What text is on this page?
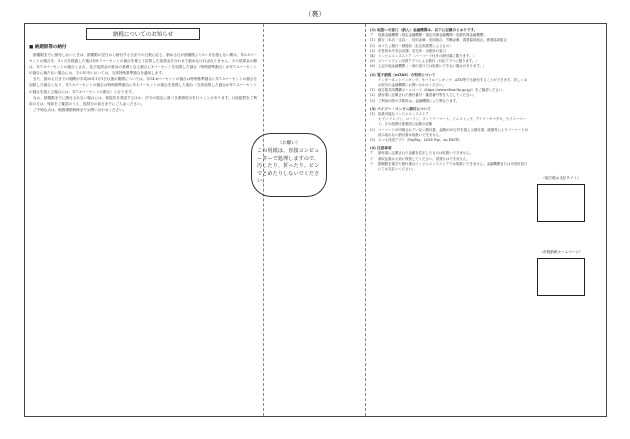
（裏）
納税についてのお知らせ
■ 納期限等の納付

納期限までに納付しないときは、納期限の翌日から納付する日までの日数に応じ、納める日が納期限より3ヶ月を超えない間は、年2.5パーセントの割合を、3ヶ月を経過した後は年8.7パーセントの割合を乗じて計算した延滞金を合わせて納めなければなりません。その延滞金の額は、年7.3パーセントの割合とされ、及び延滞金の算出の基礎となる割合に1パーセントを加算した割合（特例基準割合）が年7.3パーセントの割合に満たない場合には、その年中においては、当該特例基準割合を適用します。

また、納める日までの期間が平成26年1月1日以後の期間については、年14.6パーセントの割合は特例基準割合に年7.3パーセントの割合を加算した割合となり、年7.3パーセントの割合は特例基準割合に年1パーセントの割合を加算した割合（当該加算した割合が年7.3パーセントの割合を超える場合には、年7.3パーセントの割合）となります。

なお、納期限までに納付されない場合には、督促状を発送するほか、法令の規定に基づき滞納処分を行うことがあります。口座振替をご利用の方は、残高をご確認のうえ、振替日の前日までにご入金ください。

ご不明な点は、税務課納税係までお問い合わせください。

(1) 取扱いの窓口（納入）金融機関は、以下に記載のとおりです。
ア	取扱金融機関（指定金融機関・指定代理金融機関・収納代理金融機関）
(1) 銀行（本店・支店）、信用金庫、信用組合、労働金庫、農業協同組合、漁業協同組合
(2) ゆうちょ銀行・郵便局（払込取扱票によるもの）
(3) 市役所本庁舎会計課、各支所・出張所の窓口
(4) コンビニエンスストア（バーコード付きの納付書に限ります。）
(5) スマートフォン決済アプリによる納付（対応アプリに限ります。）
(6) 上記の他金融機関（一部の窓口では取扱いできない場合があります。）
(2) 電子納税（eLTAX）の利用について
インターネットバンキング、モバイルバンキング、ATM等でも納付することができます。詳しくはお取引の金融機関にお問い合わせください。
(1) 地方税共同機構ホームページ（https://www.eltax.lta.go.jp/）をご確認ください。
(2) 納付書に記載された納付番号・確認番号等を入力してください。
(3) ご利用の際の手数料は、金融機関により異なります。
(3) ペイジー・コンビニ納付について
(1) 取扱可能なコンビニエンスストア
セブン-イレブン、ローソン、ファミリーマート、ミニストップ、デイリーヤマザキ、セイコーマート、その他納付書裏面に記載の店舗
(2) バーコードが印刷されていない納付書、金額が30万円を超える納付書、破損等によりバーコードが読み取れない納付書は取扱いできません。
(3) スマホ決済アプリ（PayPay、LINE Pay、au PAY等）
(4) 注意事項
ア	納付書に記載された金額を訂正したものは取扱いできません。
イ	領収証書は大切に保管してください。再発行はできません。
ウ	納期限を過ぎた納付書はコンビニエンスストアでは取扱いできません。金融機関または市役所窓口にてお支払いください。
（地方税お支払サイト）
（市税納税ホームページ）
（お願い）
この用紙は、直接コンピューターで処理しますので、汚したり、折ったり、ピンでとめたりしないでください。
